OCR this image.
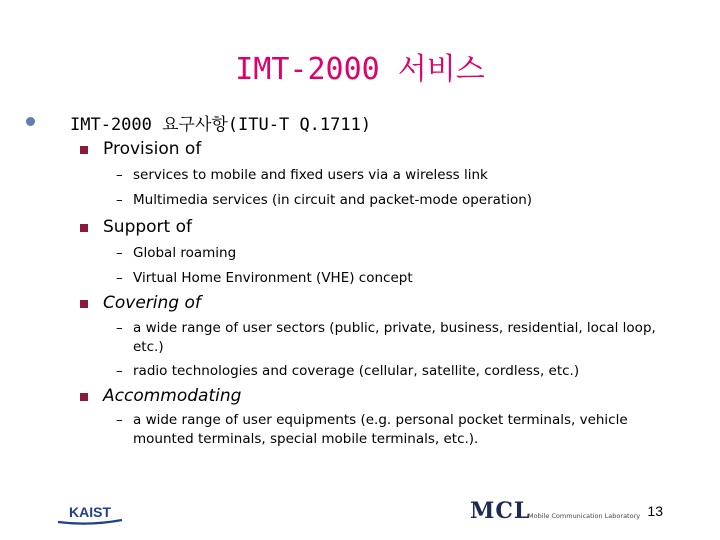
IMT-2000 서비스
IMT-2000 요구사항(ITU-T Q.1711)
Provision of
– services to mobile and fixed users via a wireless link
– Multimedia services (in circuit and packet-mode operation)
Support of
– Global roaming
– Virtual Home Environment (VHE) concept
Covering of
– a wide range of user sectors (public, private, business, residential, local loop, etc.)
– radio technologies and coverage (cellular, satellite, cordless, etc.)
Accommodating
– a wide range of user equipments (e.g. personal pocket terminals, vehicle mounted terminals, special mobile terminals, etc.).
KAIST	MCL
Mobile Communication Laboratory 13
